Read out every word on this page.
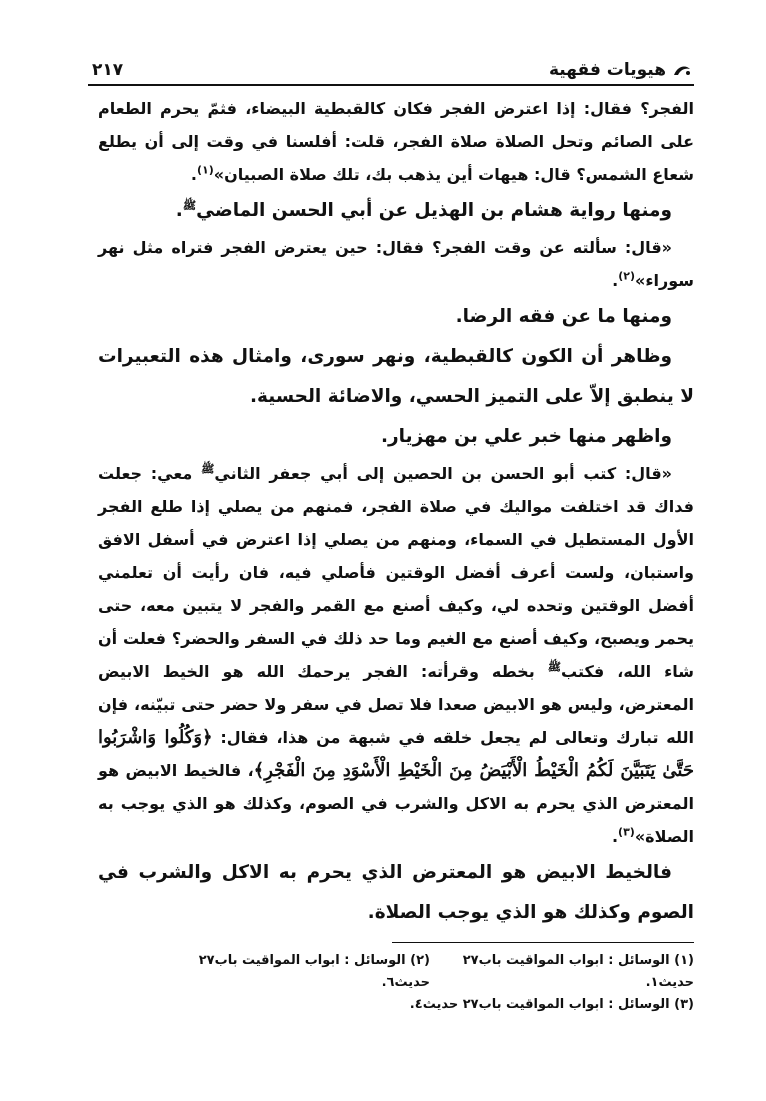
هيويات فقهية
٢١٧

الفجر؟ فقال: إذا اعترض الفجر فكان كالقبطية البيضاء، فثمّ يحرم الطعام على الصائم وتحل الصلاة صلاة الفجر، قلت: أفلسنا في وقت إلى أن يطلع شعاع الشمس؟ قال: هيهات أين يذهب بك، تلك صلاة الصبيان»$^{(١)}$.

ومنها رواية هشام بن الهذيل عن أبي الحسن الماضي$^ﷺ$.

«قال: سألته عن وقت الفجر؟ فقال: حين يعترض الفجر فتراه مثل نهر سوراء»$^{(٢)}$.

ومنها ما عن فقه الرضا.

وظاهر أن الكون كالقبطية، ونهر سورى، وامثال هذه التعبيرات لا ينطبق إلاّ على التميز الحسي، والاضائة الحسية.

واظهر منها خبر علي بن مهزيار.

«قال: كتب أبو الحسن بن الحصين إلى أبي جعفر الثاني$^ﷺ$ معي: جعلت فداك قد اختلفت مواليك في صلاة الفجر، فمنهم من يصلي إذا طلع الفجر الأول المستطيل في السماء، ومنهم من يصلي إذا اعترض في أسفل الافق واستبان، ولست أعرف أفضل الوقتين فأصلي فيه، فان رأيت أن تعلمني أفضل الوقتين وتحده لي، وكيف أصنع مع القمر والفجر لا يتبين معه، حتى يحمر ويصبح، وكيف أصنع مع الغيم وما حد ذلك في السفر والحضر؟ فعلت أن شاء الله، فكتب$^ﷺ$ بخطه وقرأته: الفجر يرحمك الله هو الخيط الابيض المعترض، وليس هو الابيض صعدا فلا تصل في سفر ولا حضر حتى تبيّنه، فإن الله تبارك وتعالى لم يجعل خلقه في شبهة من هذا، فقال: ﴿وَكُلُوا وَاشْرَبُوا حَتَّىٰ يَتَبَيَّنَ لَكُمُ الْخَيْطُ الْأَبْيَضُ مِنَ الْخَيْطِ الْأَسْوَدِ مِنَ الْفَجْرِ﴾، فالخيط الابيض هو المعترض الذي يحرم به الاكل والشرب في الصوم، وكذلك هو الذي يوجب به الصلاة»$^{(٣)}$.

فالخيط الابيض هو المعترض الذي يحرم به الاكل والشرب في الصوم وكذلك هو الذي يوجب الصلاة.

(١) الوسائل : ابواب المواقيت باب٢٧ حديث١.
(٢) الوسائل : ابواب المواقيت باب٢٧ حديث٦.
(٣) الوسائل : ابواب المواقيت باب٢٧ حديث٤.
